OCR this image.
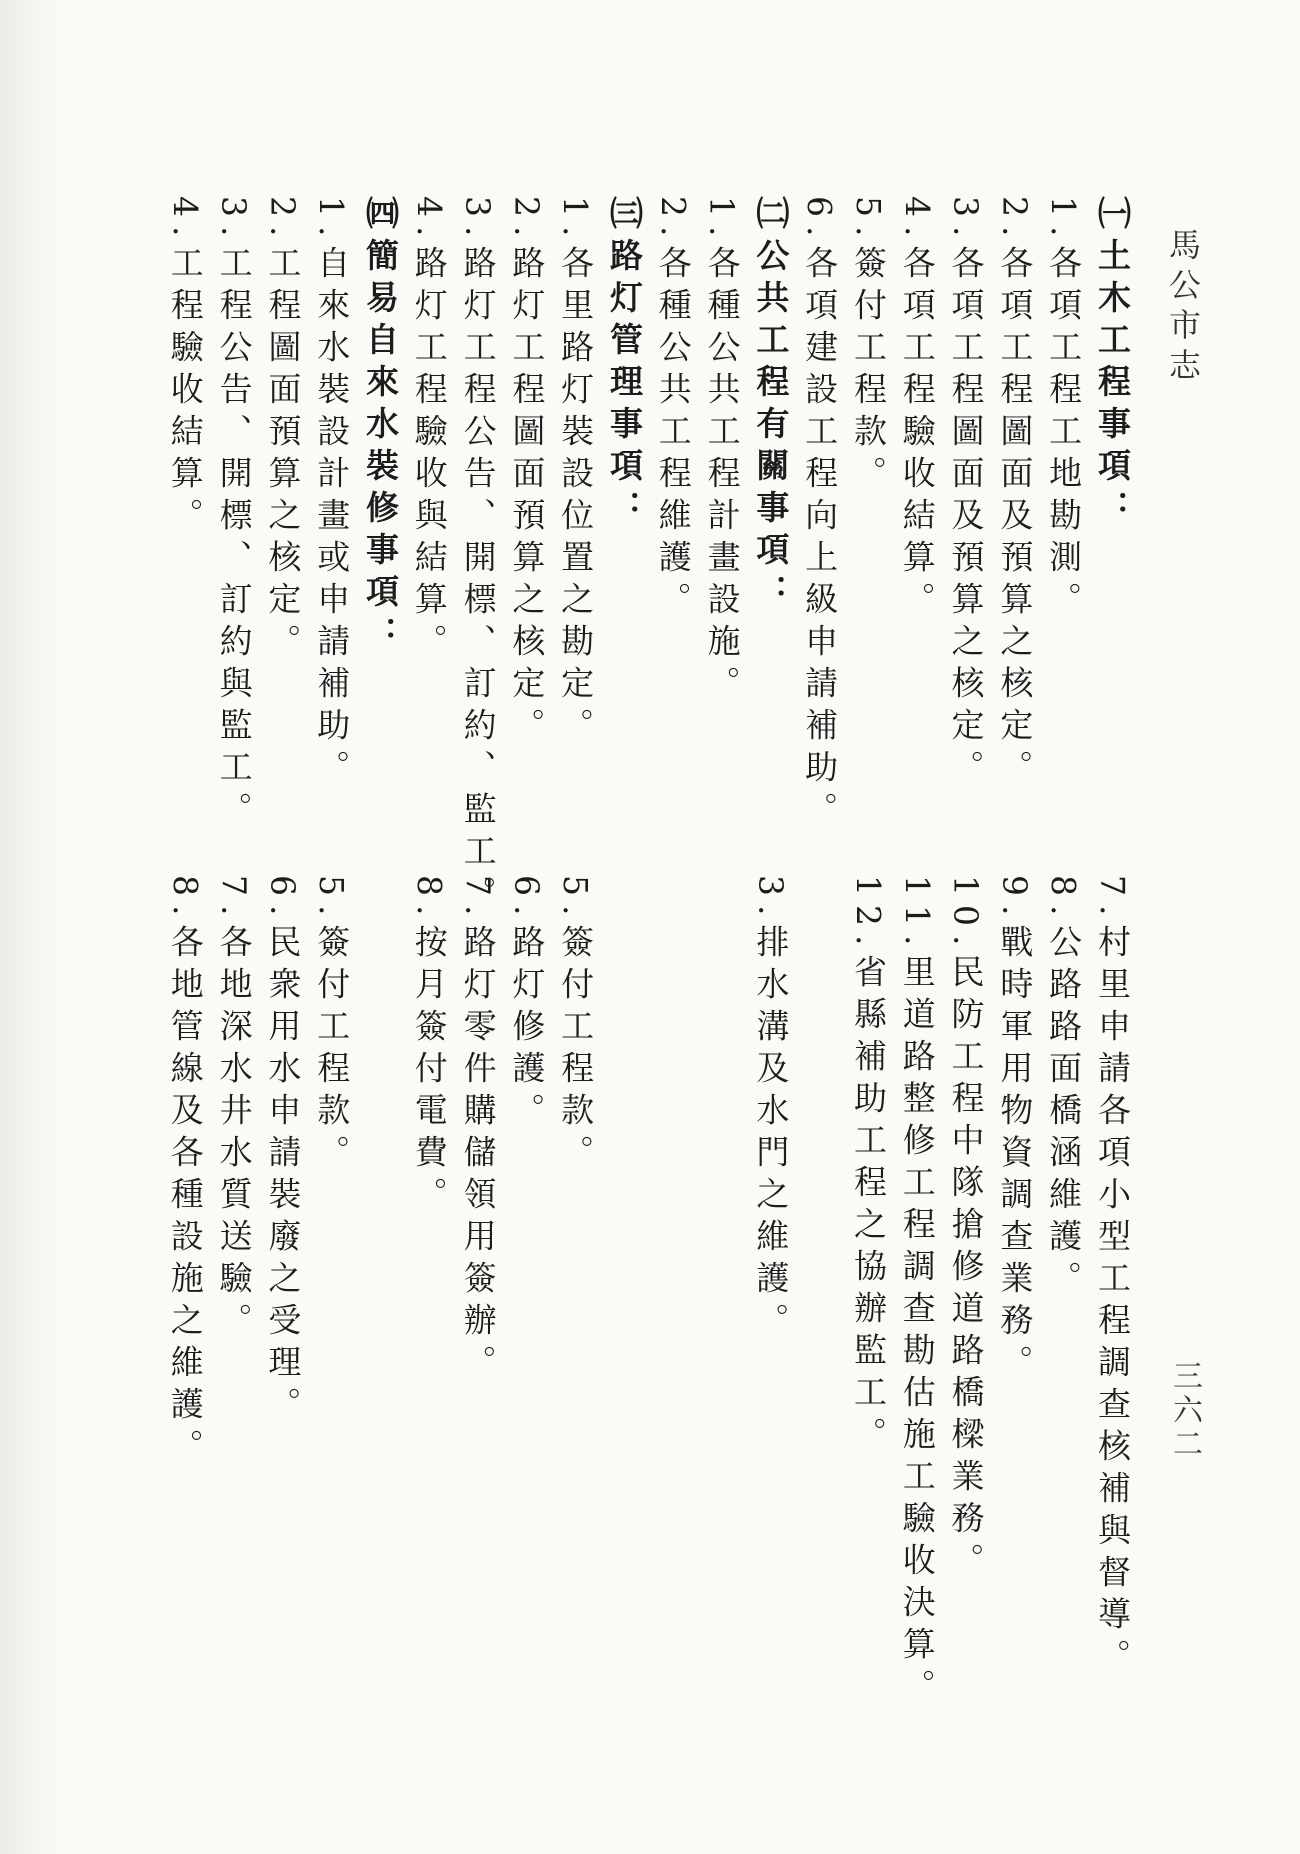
馬公市志
三六二
㈠土木工程事項：
1.各項工程工地勘測。
2.各項工程圖面及預算之核定。
3.各項工程圖面及預算之核定。
4.各項工程驗收結算。
5.簽付工程款。
6.各項建設工程向上級申請補助。
㈡公共工程有關事項：
1.各種公共工程計畫設施。
2.各種公共工程維護。
㈢路灯管理事項：
1.各里路灯裝設位置之勘定。
2.路灯工程圖面預算之核定。
3.路灯工程公告、開標、訂約、監工。
4.路灯工程驗收與結算。
㈣簡易自來水裝修事項：
1.自來水裝設計畫或申請補助。
2.工程圖面預算之核定。
3.工程公告、開標、訂約與監工。
4.工程驗收結算。
7.村里申請各項小型工程調查核補與督導。
8.公路路面橋涵維護。
9.戰時軍用物資調查業務。
10.民防工程中隊搶修道路橋樑業務。
11.里道路整修工程調查勘估施工驗收決算。
12.省縣補助工程之協辦監工。

3.排水溝及水門之維護。

5.簽付工程款。
6.路灯修護。
7.路灯零件購儲領用簽辦。
8.按月簽付電費。

5.簽付工程款。
6.民衆用水申請裝廢之受理。
7.各地深水井水質送驗。
8.各地管線及各種設施之維護。
